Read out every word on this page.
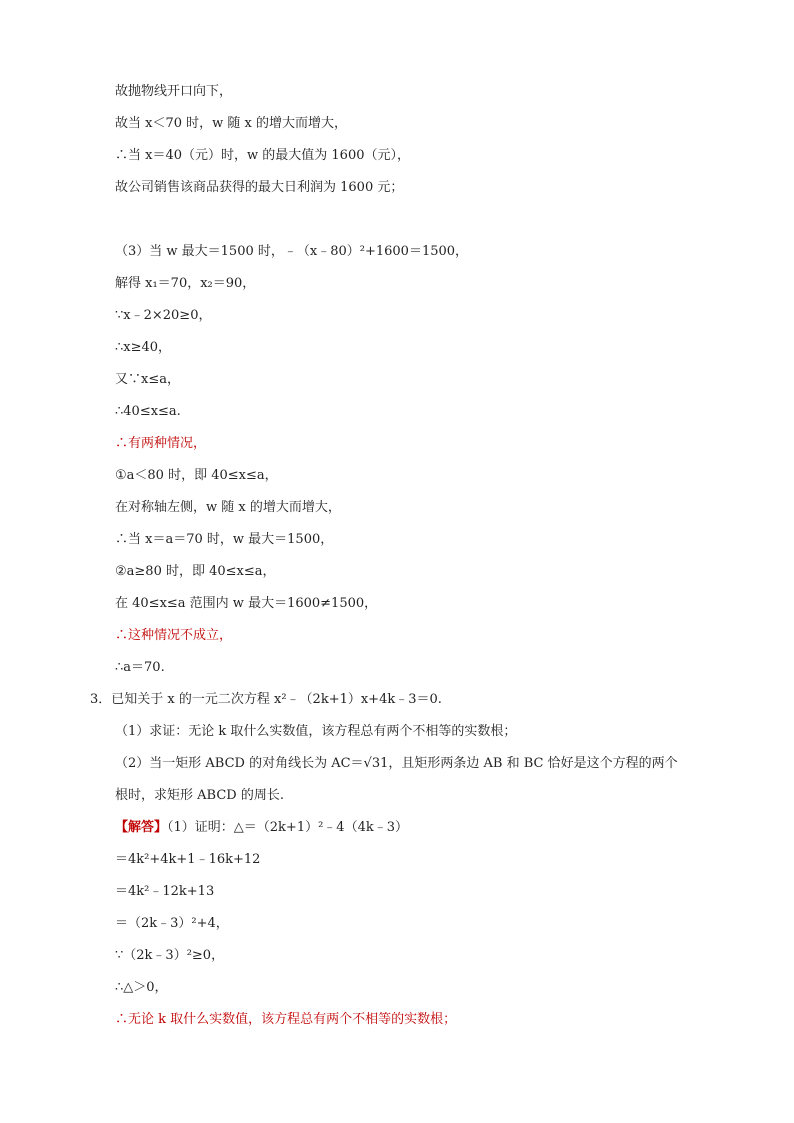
故抛物线开口向下，
故当 x＜70 时，w 随 x 的增大而增大，
∴当 x＝40（元）时，w 的最大值为 1600（元），
故公司销售该商品获得的最大日利润为 1600 元；
（3）当 w 最大＝1500 时，﹣（x﹣80）²+1600＝1500，
解得 x₁＝70，x₂＝90，
∵x﹣2×20≥0，
∴x≥40，
又∵x≤a，
∴40≤x≤a.
∴有两种情况，
①a＜80 时，即 40≤x≤a，
在对称轴左侧，w 随 x 的增大而增大，
∴当 x＝a＝70 时，w 最大＝1500，
②a≥80 时，即 40≤x≤a，
在 40≤x≤a 范围内 w 最大＝1600≠1500，
∴这种情况不成立，
∴a＝70.
3．已知关于 x 的一元二次方程 x²﹣（2k+1）x+4k﹣3＝0.
（1）求证：无论 k 取什么实数值，该方程总有两个不相等的实数根；
（2）当一矩形 ABCD 的对角线长为 AC＝√31，且矩形两条边 AB 和 BC 恰好是这个方程的两个
根时，求矩形 ABCD 的周长.
【解答】（1）证明：△＝（2k+1）²﹣4（4k﹣3）
＝4k²+4k+1﹣16k+12
＝4k²﹣12k+13
＝（2k﹣3）²+4，
∵（2k﹣3）²≥0，
∴△＞0，
∴无论 k 取什么实数值，该方程总有两个不相等的实数根；
